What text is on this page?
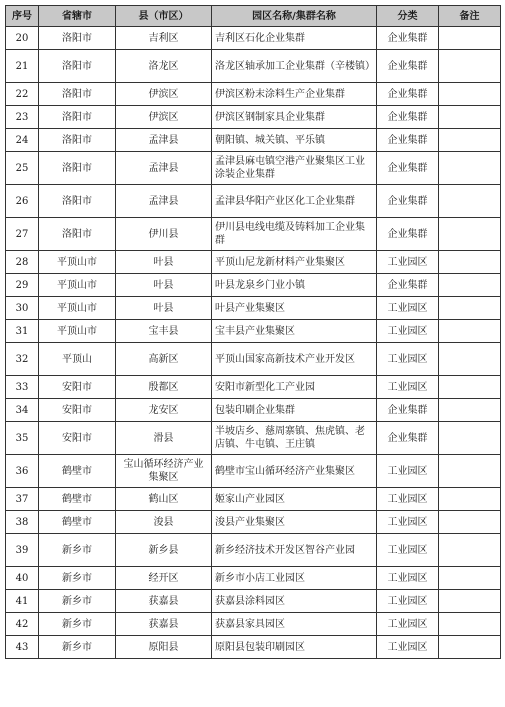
序号	省辖市	县（市区）	园区名称/集群名称	分类	备注
20	洛阳市	吉利区	吉利区石化企业集群	企业集群	
21	洛阳市	洛龙区	洛龙区轴承加工企业集群（辛楼镇）	企业集群	
22	洛阳市	伊滨区	伊滨区粉末涂料生产企业集群	企业集群	
23	洛阳市	伊滨区	伊滨区钢制家具企业集群	企业集群	
24	洛阳市	孟津县	朝阳镇、城关镇、平乐镇	企业集群	
25	洛阳市	孟津县	孟津县麻屯镇空港产业聚集区工业涂装企业集群	企业集群	
26	洛阳市	孟津县	孟津县华阳产业区化工企业集群	企业集群	
27	洛阳市	伊川县	伊川县电线电缆及铸料加工企业集群	企业集群	
28	平顶山市	叶县	平顶山尼龙新材料产业集聚区	工业园区	
29	平顶山市	叶县	叶县龙泉乡门业小镇	企业集群	
30	平顶山市	叶县	叶县产业集聚区	工业园区	
31	平顶山市	宝丰县	宝丰县产业集聚区	工业园区	
32	平顶山	高新区	平顶山国家高新技术产业开发区	工业园区	
33	安阳市	殷都区	安阳市新型化工产业园	工业园区	
34	安阳市	龙安区	包装印刷企业集群	企业集群	
35	安阳市	滑县	半坡店乡、慈周寨镇、焦虎镇、老店镇、牛屯镇、王庄镇	企业集群	
36	鹤壁市	宝山循环经济产业集聚区	鹤壁市宝山循环经济产业集聚区	工业园区	
37	鹤壁市	鹤山区	姬家山产业园区	工业园区	
38	鹤壁市	浚县	浚县产业集聚区	工业园区	
39	新乡市	新乡县	新乡经济技术开发区智谷产业园	工业园区	
40	新乡市	经开区	新乡市小店工业园区	工业园区	
41	新乡市	获嘉县	获嘉县涂料园区	工业园区	
42	新乡市	获嘉县	获嘉县家具园区	工业园区	
43	新乡市	原阳县	原阳县包装印刷园区	工业园区	
